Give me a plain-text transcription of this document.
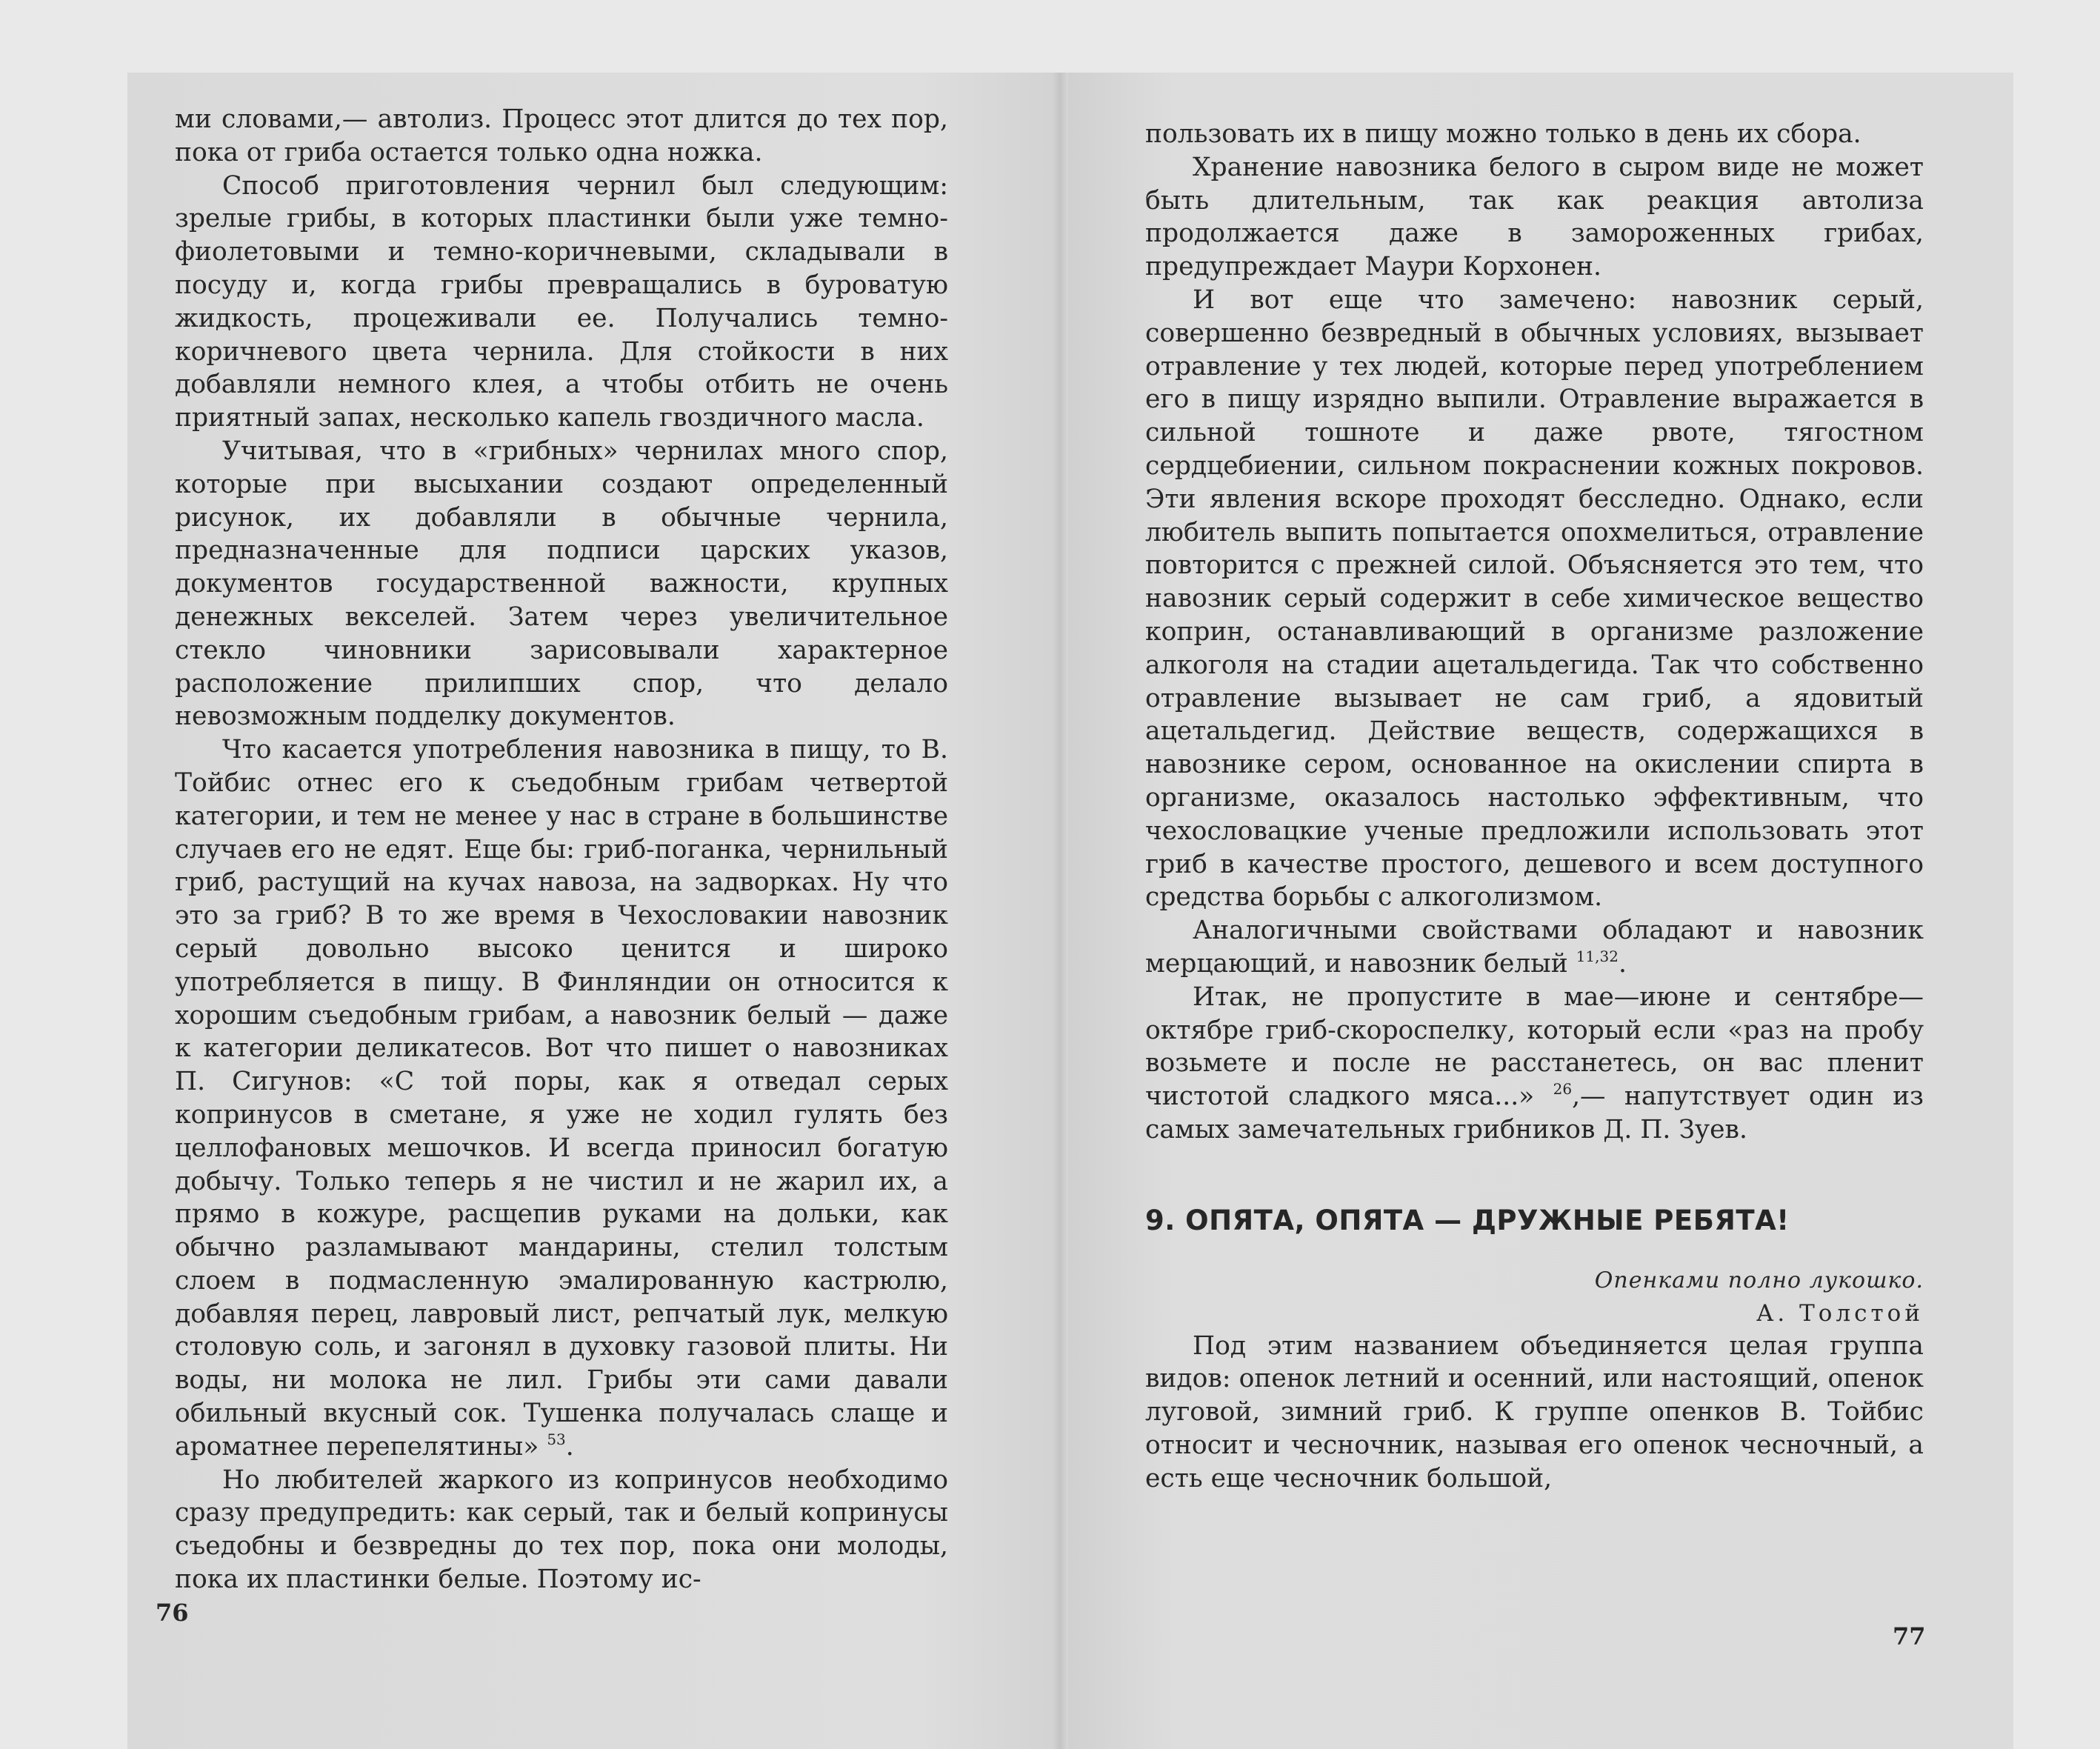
ми словами,— автолиз. Процесс этот длится до тех пор, пока от гриба остается только одна ножка.

Способ приготовления чернил был следующим: зрелые грибы, в которых пластинки были уже темно-фиолетовыми и темно-коричневыми, складывали в посуду и, когда грибы превращались в буроватую жидкость, процеживали ее. Получались темно-коричневого цвета чернила. Для стойкости в них добавляли немного клея, а чтобы отбить не очень приятный запах, несколько капель гвоздичного масла.

Учитывая, что в «грибных» чернилах много спор, которые при высыхании создают определенный рисунок, их добавляли в обычные чернила, предназначенные для подписи царских указов, документов государственной важности, крупных денежных векселей. Затем через увеличительное стекло чиновники зарисовывали характерное расположение прилипших спор, что делало невозможным подделку документов.

Что касается употребления навозника в пищу, то В. Тойбис отнес его к съедобным грибам четвертой категории, и тем не менее у нас в стране в большинстве случаев его не едят. Еще бы: гриб-поганка, чернильный гриб, растущий на кучах навоза, на задворках. Ну что это за гриб? В то же время в Чехословакии навозник серый довольно высоко ценится и широко употребляется в пищу. В Финляндии он относится к хорошим съедобным грибам, а навозник белый — даже к категории деликатесов. Вот что пишет о навозниках П. Сигунов: «С той поры, как я отведал серых копринусов в сметане, я уже не ходил гулять без целлофановых мешочков. И всегда приносил богатую добычу. Только теперь я не чистил и не жарил их, а прямо в кожуре, расщепив руками на дольки, как обычно разламывают мандарины, стелил толстым слоем в подмасленную эмалированную кастрюлю, добавляя перец, лавровый лист, репчатый лук, мелкую столовую соль, и загонял в духовку газовой плиты. Ни воды, ни молока не лил. Грибы эти сами давали обильный вкусный сок. Тушенка получалась слаще и ароматнее перепелятины» $^{53}$.

Но любителей жаркого из копринусов необходимо сразу предупредить: как серый, так и белый копринусы съедобны и безвредны до тех пор, пока они молоды, пока их пластинки белые. Поэтому ис-

76

пользовать их в пищу можно только в день их сбора.

Хранение навозника белого в сыром виде не может быть длительным, так как реакция автолиза продолжается даже в замороженных грибах, предупреждает Маури Корхонен.

И вот еще что замечено: навозник серый, совершенно безвредный в обычных условиях, вызывает отравление у тех людей, которые перед употреблением его в пищу изрядно выпили. Отравление выражается в сильной тошноте и даже рвоте, тягостном сердцебиении, сильном покраснении кожных покровов. Эти явления вскоре проходят бесследно. Однако, если любитель выпить попытается опохмелиться, отравление повторится с прежней силой. Объясняется это тем, что навозник серый содержит в себе химическое вещество коприн, останавливающий в организме разложение алкоголя на стадии ацетальдегида. Так что собственно отравление вызывает не сам гриб, а ядовитый ацетальдегид. Действие веществ, содержащихся в навознике сером, основанное на окислении спирта в организме, оказалось настолько эффективным, что чехословацкие ученые предложили использовать этот гриб в качестве простого, дешевого и всем доступного средства борьбы с алкоголизмом.

Аналогичными свойствами обладают и навозник мерцающий, и навозник белый $^{11,32}$.

Итак, не пропустите в мае—июне и сентябре—октябре гриб-скороспелку, который если «раз на пробу возьмете и после не расстанетесь, он вас пленит чистотой сладкого мяса...» $^{26}$,— напутствует один из самых замечательных грибников Д. П. Зуев.

9. ОПЯТА, ОПЯТА — ДРУЖНЫЕ РЕБЯТА!

Опенками полно лукошко.

А. Толстой

Под этим названием объединяется целая группа видов: опенок летний и осенний, или настоящий, опенок луговой, зимний гриб. К группе опенков В. Тойбис относит и чесночник, называя его опенок чесночный, а есть еще чесночник большой,

77
